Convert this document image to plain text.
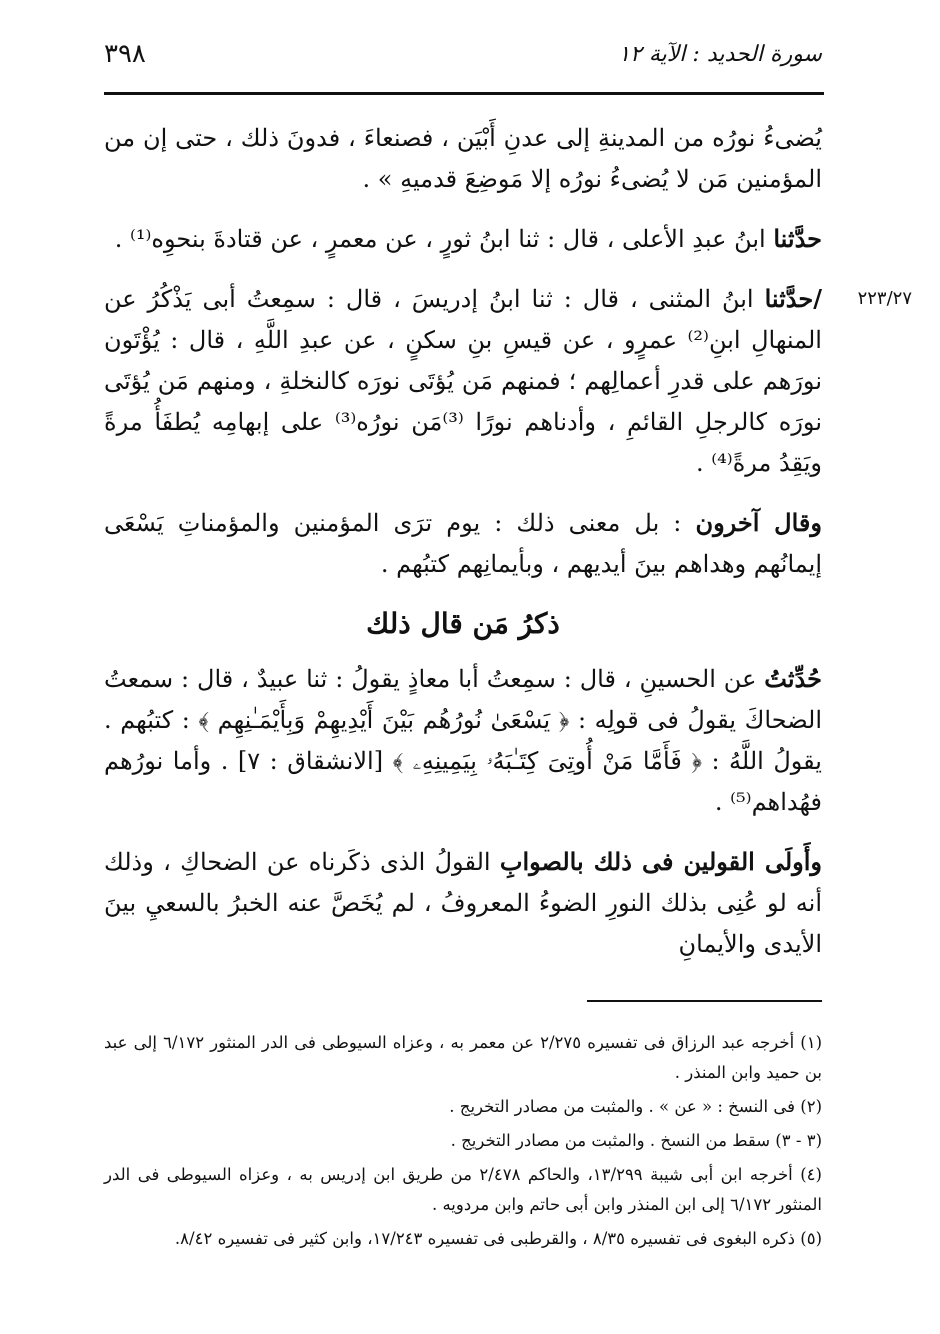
سورة الحديد : الآية ١٢
٣٩٨

يُضىءُ نورُه من المدينةِ إلى عدنِ أَبْيَن ، فصنعاءَ ، فدونَ ذلك ، حتى إن من المؤمنين مَن لا يُضىءُ نورُه إلا مَوضِعَ قدميهِ » .

حدَّثنا ابنُ عبدِ الأعلى ، قال : ثنا ابنُ ثورٍ ، عن معمرٍ ، عن قتادةَ بنحوِه⁽¹⁾ .

٢٢٣/٢٧
/حدَّثنا ابنُ المثنى ، قال : ثنا ابنُ إدريسَ ، قال : سمِعتُ أبى يَذْكُرُ عن المنهالِ ابنِ⁽²⁾ عمرٍو ، عن قيسِ بنِ سكنٍ ، عن عبدِ اللَّهِ ، قال : يُؤْتَون نورَهم على قدرِ أعمالِهم ؛ فمنهم مَن يُؤتَى نورَه كالنخلةِ ، ومنهم مَن يُؤتَى نورَه كالرجلِ القائمِ ، وأدناهم نورًا ⁽³⁾مَن نورُه⁽³⁾ على إبهامِه يُطفَأُ مرةً ويَقِدُ مرةً⁽⁴⁾ .

وقال آخرون : بل معنى ذلك : يوم ترَى المؤمنين والمؤمناتِ يَسْعَى إيمانُهم وهداهم بينَ أيديهم ، وبأيمانِهم كتبُهم .

ذكرُ مَن قال ذلك

حُدِّثتُ عن الحسينِ ، قال : سمِعتُ أبا معاذٍ يقولُ : ثنا عبيدٌ ، قال : سمعتُ الضحاكَ يقولُ فى قولِه : ﴿ يَسْعَىٰ نُورُهُم بَيْنَ أَيْدِيهِمْ وَبِأَيْمَـٰنِهِم ﴾ : كتبُهم . يقولُ اللَّهُ : ﴿ فَأَمَّا مَنْ أُوتِىَ كِتَـٰبَهُۥ بِيَمِينِهِۦ ﴾ [الانشقاق : ٧] . وأما نورُهم فهُداهم⁽⁵⁾ .

وأَولَى القولين فى ذلك بالصوابِ القولُ الذى ذكَرناه عن الضحاكِ ، وذلك أنه لو عُنِى بذلك النورِ الضوءُ المعروفُ ، لم يُخَصَّ عنه الخبرُ بالسعيِ بينَ الأيدى والأيمانِ

(١) أخرجه عبد الرزاق فى تفسيره ٢/٢٧٥ عن معمر به ، وعزاه السيوطى فى الدر المنثور ٦/١٧٢ إلى عبد بن حميد وابن المنذر .

(٢) فى النسخ : « عن » . والمثبت من مصادر التخريج .

(٣ - ٣) سقط من النسخ . والمثبت من مصادر التخريج .

(٤) أخرجه ابن أبى شيبة ١٣/٢٩٩، والحاكم ٢/٤٧٨ من طريق ابن إدريس به ، وعزاه السيوطى فى الدر المنثور ٦/١٧٢ إلى ابن المنذر وابن أبى حاتم وابن مردويه .

(٥) ذكره البغوى فى تفسيره ٨/٣٥ ، والقرطبى فى تفسيره ١٧/٢٤٣، وابن كثير فى تفسيره ٨/٤٢.
